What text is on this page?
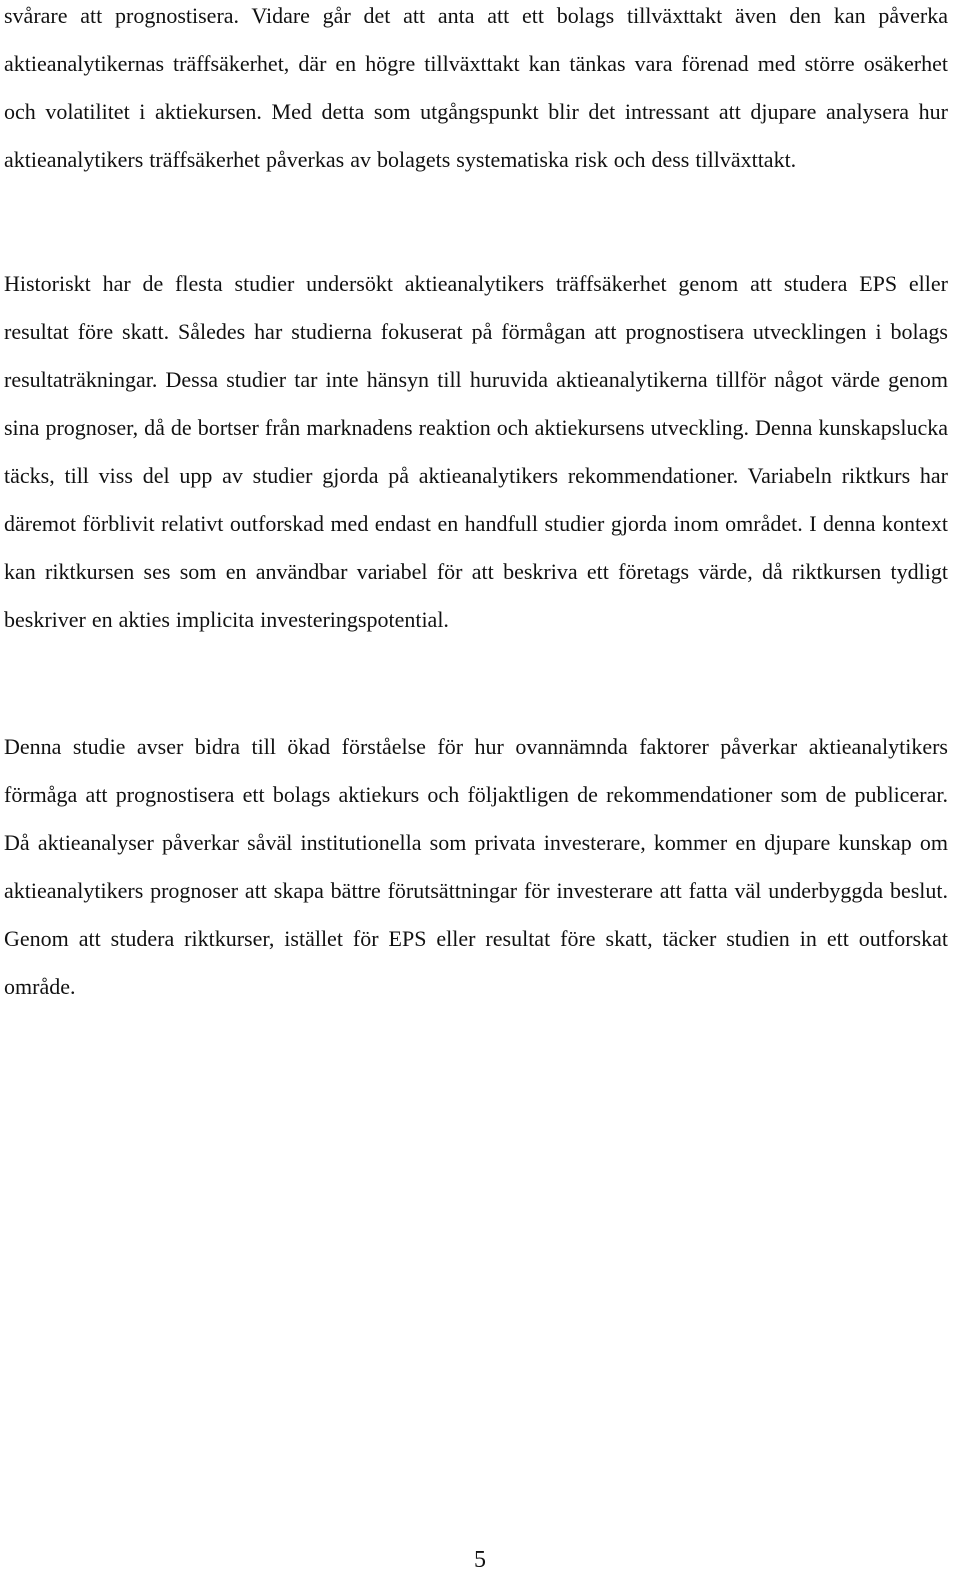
svårare att prognostisera. Vidare går det att anta att ett bolags tillväxttakt även den kan påverka aktieanalytikernas träffsäkerhet, där en högre tillväxttakt kan tänkas vara förenad med större osäkerhet och volatilitet i aktiekursen. Med detta som utgångspunkt blir det intressant att djupare analysera hur aktieanalytikers träffsäkerhet påverkas av bolagets systematiska risk och dess tillväxttakt.

Historiskt har de flesta studier undersökt aktieanalytikers träffsäkerhet genom att studera EPS eller resultat före skatt. Således har studierna fokuserat på förmågan att prognostisera utvecklingen i bolags resultaträkningar. Dessa studier tar inte hänsyn till huruvida aktieanalytikerna tillför något värde genom sina prognoser, då de bortser från marknadens reaktion och aktiekursens utveckling. Denna kunskapslucka täcks, till viss del upp av studier gjorda på aktieanalytikers rekommendationer. Variabeln riktkurs har däremot förblivit relativt outforskad med endast en handfull studier gjorda inom området. I denna kontext kan riktkursen ses som en användbar variabel för att beskriva ett företags värde, då riktkursen tydligt beskriver en akties implicita investeringspotential.

Denna studie avser bidra till ökad förståelse för hur ovannämnda faktorer påverkar aktieanalytikers förmåga att prognostisera ett bolags aktiekurs och följaktligen de rekommendationer som de publicerar. Då aktieanalyser påverkar såväl institutionella som privata investerare, kommer en djupare kunskap om aktieanalytikers prognoser att skapa bättre förutsättningar för investerare att fatta väl underbyggda beslut. Genom att studera riktkurser, istället för EPS eller resultat före skatt, täcker studien in ett outforskat område.

5
